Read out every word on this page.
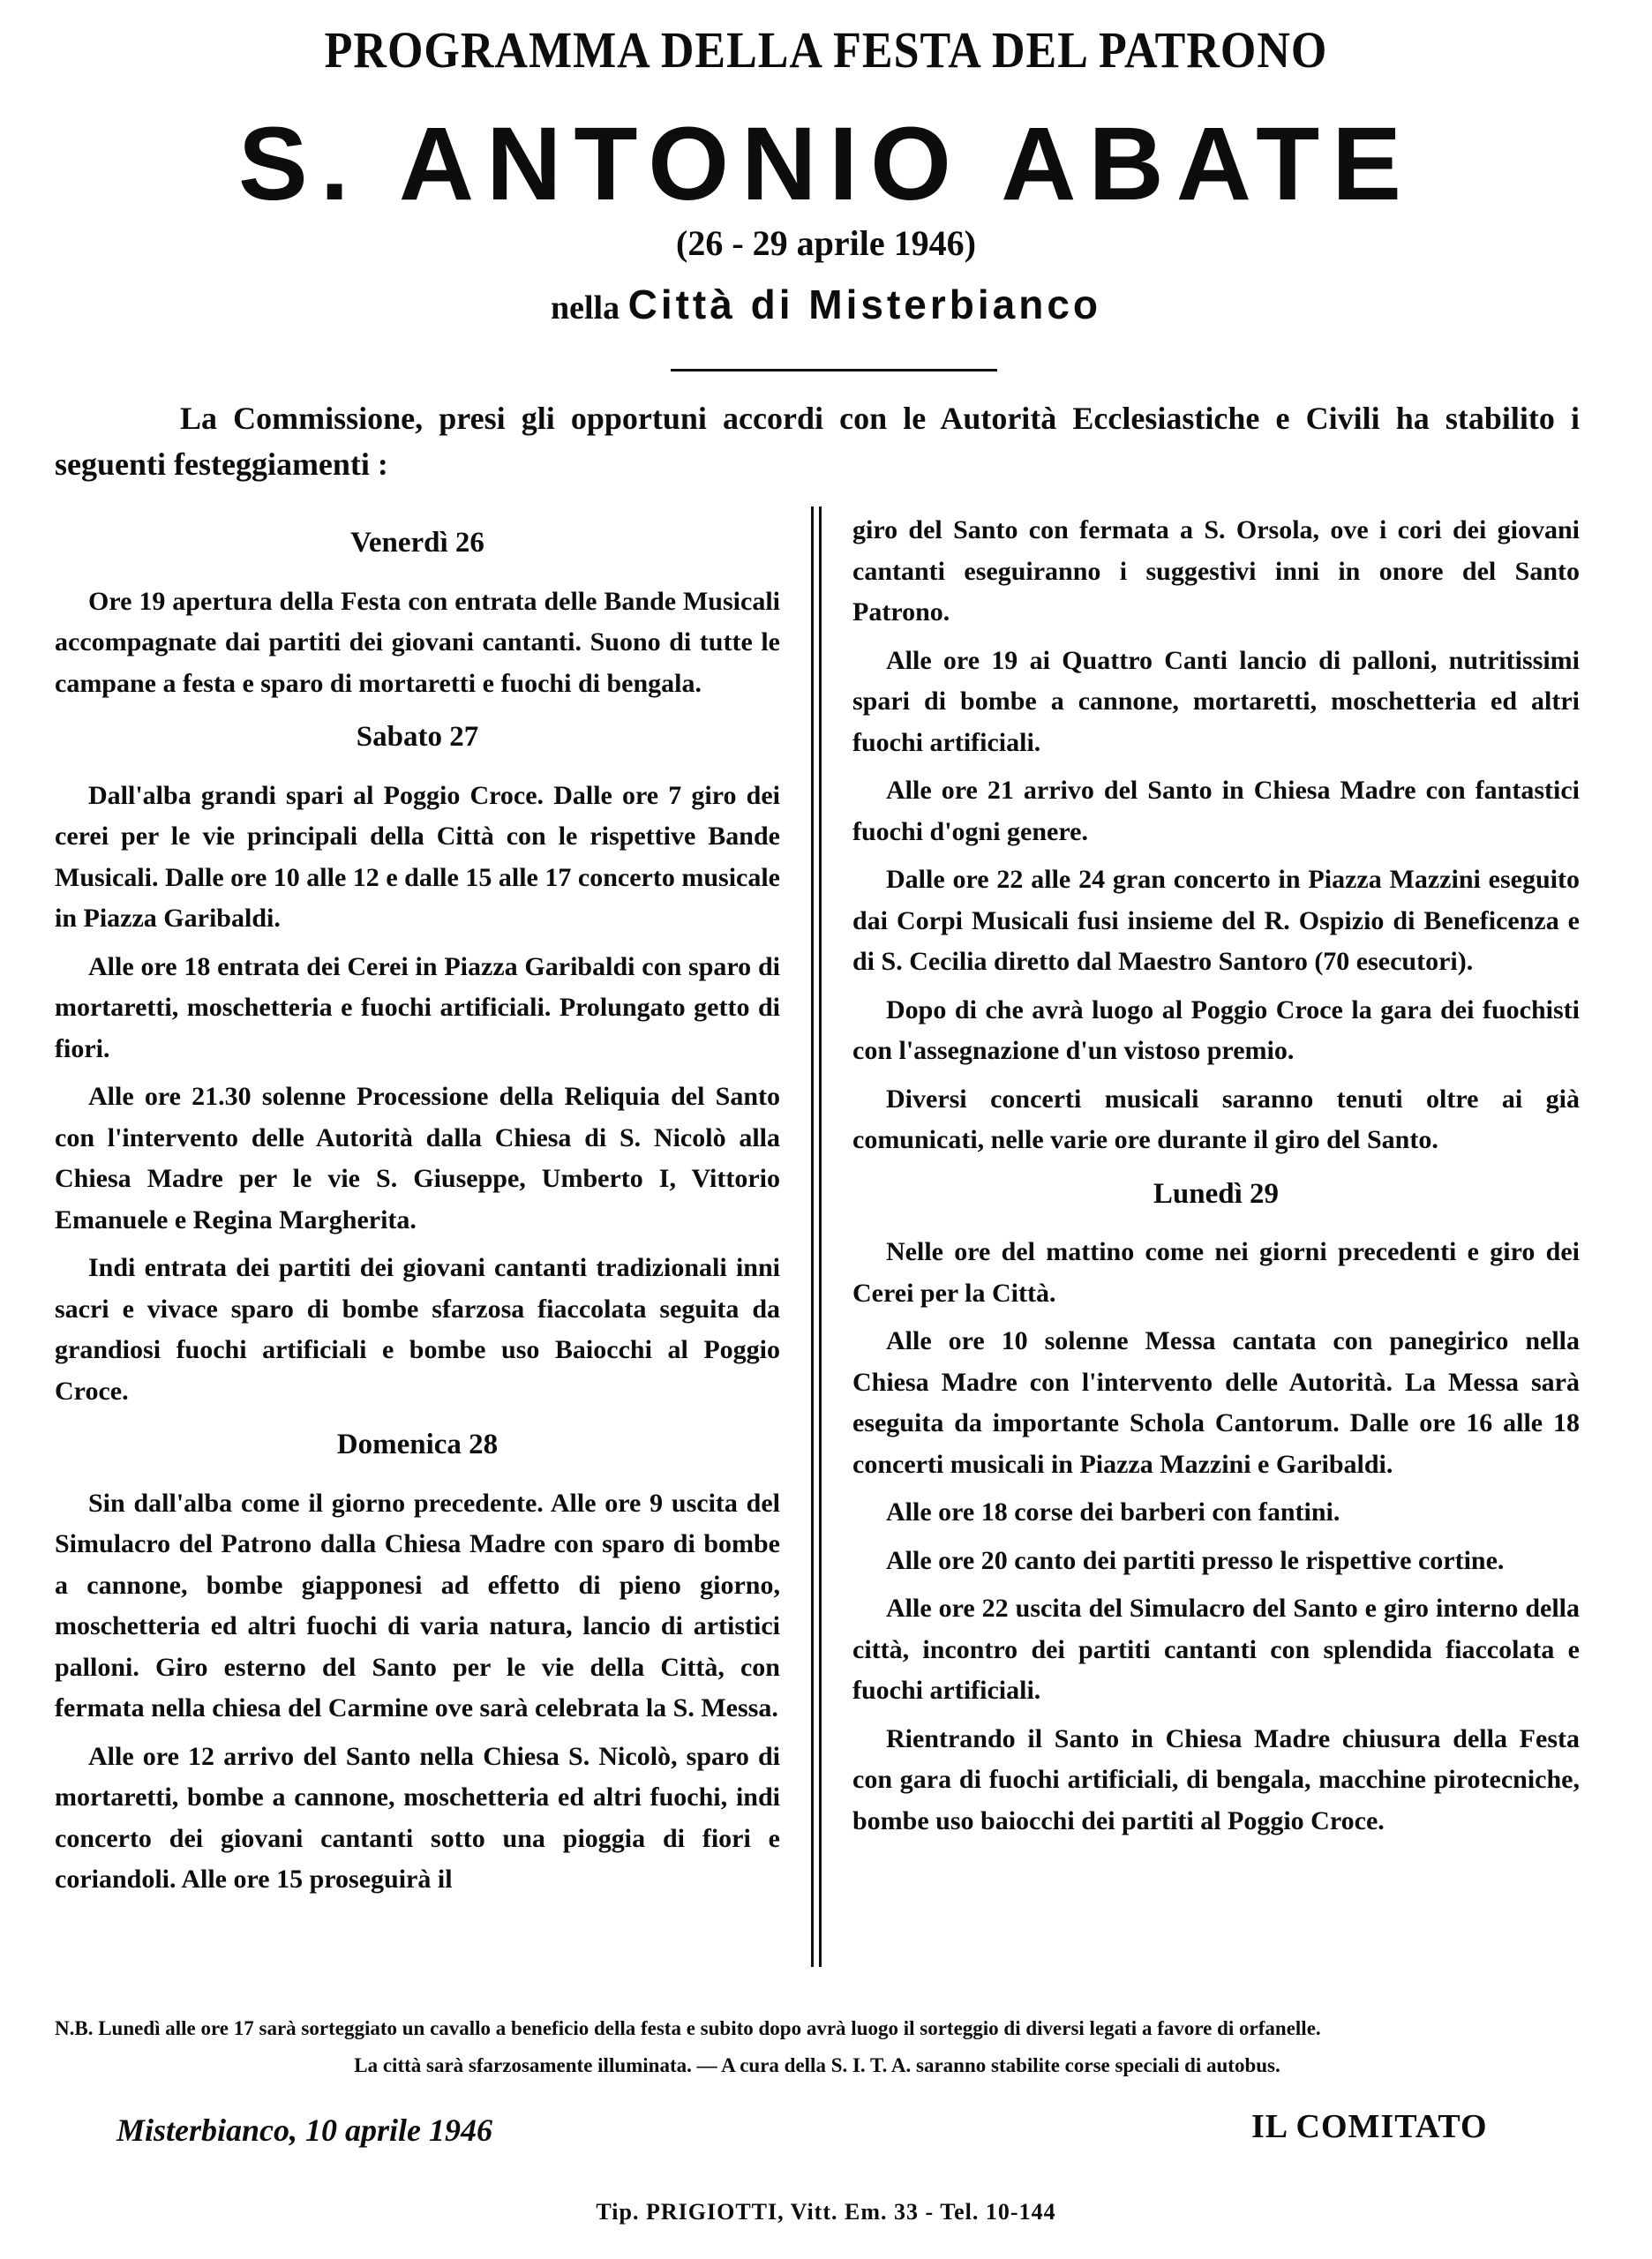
PROGRAMMA DELLA FESTA DEL PATRONO
S. ANTONIO ABATE
(26 - 29 aprile 1946)
nella Città di Misterbianco
La Commissione, presi gli opportuni accordi con le Autorità Ecclesiastiche e Civili ha stabilito i seguenti festeggiamenti :
Venerdì 26

Ore 19 apertura della Festa con entrata delle Bande Musicali accompagnate dai partiti dei giovani cantanti. Suono di tutte le campane a festa e sparo di mortaretti e fuochi di bengala.

Sabato 27

Dall'alba grandi spari al Poggio Croce. Dalle ore 7 giro dei cerei per le vie principali della Città con le rispettive Bande Musicali. Dalle ore 10 alle 12 e dalle 15 alle 17 concerto musicale in Piazza Garibaldi.

Alle ore 18 entrata dei Cerei in Piazza Garibaldi con sparo di mortaretti, moschetteria e fuochi artificiali. Prolungato getto di fiori.

Alle ore 21.30 solenne Processione della Reliquia del Santo con l'intervento delle Autorità dalla Chiesa di S. Nicolò alla Chiesa Madre per le vie S. Giuseppe, Umberto I, Vittorio Emanuele e Regina Margherita.

Indi entrata dei partiti dei giovani cantanti tradizionali inni sacri e vivace sparo di bombe sfarzosa fiaccolata seguita da grandiosi fuochi artificiali e bombe uso Baiocchi al Poggio Croce.

Domenica 28

Sin dall'alba come il giorno precedente. Alle ore 9 uscita del Simulacro del Patrono dalla Chiesa Madre con sparo di bombe a cannone, bombe giapponesi ad effetto di pieno giorno, moschetteria ed altri fuochi di varia natura, lancio di artistici palloni. Giro esterno del Santo per le vie della Città, con fermata nella chiesa del Carmine ove sarà celebrata la S. Messa.

Alle ore 12 arrivo del Santo nella Chiesa S. Nicolò, sparo di mortaretti, bombe a cannone, moschetteria ed altri fuochi, indi concerto dei giovani cantanti sotto una pioggia di fiori e coriandoli. Alle ore 15 proseguirà il

giro del Santo con fermata a S. Orsola, ove i cori dei giovani cantanti eseguiranno i suggestivi inni in onore del Santo Patrono.

Alle ore 19 ai Quattro Canti lancio di palloni, nutritissimi spari di bombe a cannone, mortaretti, moschetteria ed altri fuochi artificiali.

Alle ore 21 arrivo del Santo in Chiesa Madre con fantastici fuochi d'ogni genere.

Dalle ore 22 alle 24 gran concerto in Piazza Mazzini eseguito dai Corpi Musicali fusi insieme del R. Ospizio di Beneficenza e di S. Cecilia diretto dal Maestro Santoro (70 esecutori).

Dopo di che avrà luogo al Poggio Croce la gara dei fuochisti con l'assegnazione d'un vistoso premio.

Diversi concerti musicali saranno tenuti oltre ai già comunicati, nelle varie ore durante il giro del Santo.

Lunedì 29

Nelle ore del mattino come nei giorni precedenti e giro dei Cerei per la Città.

Alle ore 10 solenne Messa cantata con panegirico nella Chiesa Madre con l'intervento delle Autorità. La Messa sarà eseguita da importante Schola Cantorum. Dalle ore 16 alle 18 concerti musicali in Piazza Mazzini e Garibaldi.

Alle ore 18 corse dei barberi con fantini.

Alle ore 20 canto dei partiti presso le rispettive cortine.

Alle ore 22 uscita del Simulacro del Santo e giro interno della città, incontro dei partiti cantanti con splendida fiaccolata e fuochi artificiali.

Rientrando il Santo in Chiesa Madre chiusura della Festa con gara di fuochi artificiali, di bengala, macchine pirotecniche, bombe uso baiocchi dei partiti al Poggio Croce.

N.B. Lunedì alle ore 17 sarà sorteggiato un cavallo a beneficio della festa e subito dopo avrà luogo il sorteggio di diversi legati a favore di orfanelle.
La città sarà sfarzosamente illuminata. — A cura della S. I. T. A. saranno stabilite corse speciali di autobus.
Misterbianco, 10 aprile 1946	IL COMITATO
Tip. PRIGIOTTI, Vitt. Em. 33 - Tel. 10-144
